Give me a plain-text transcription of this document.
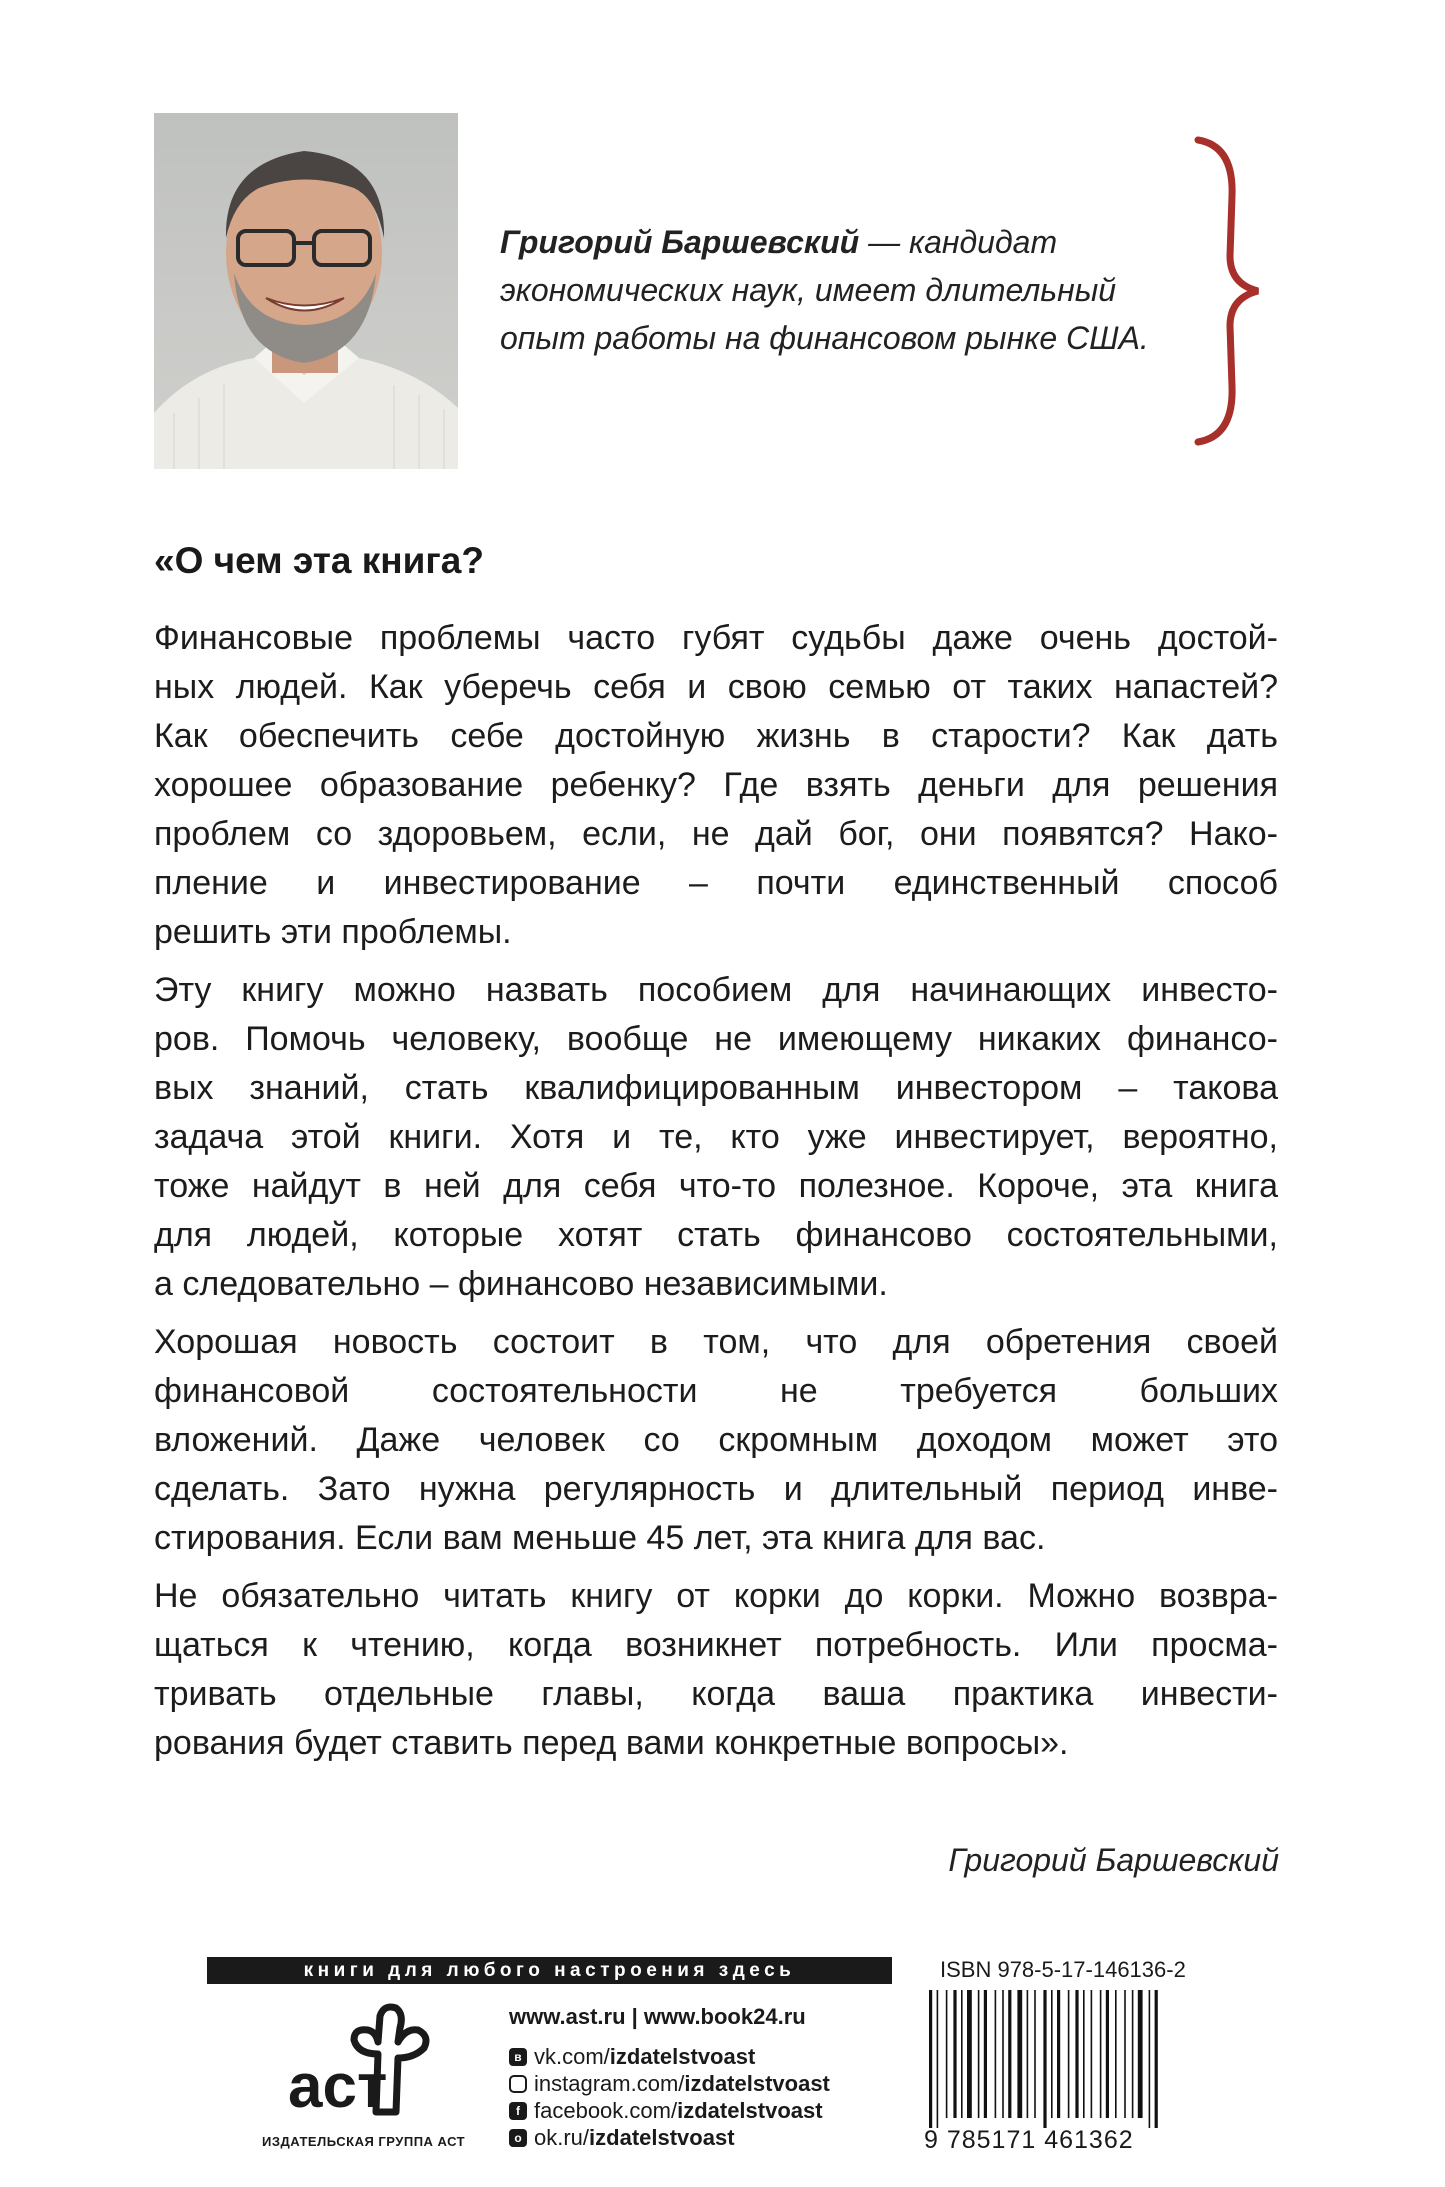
Григорий Баршевский — кандидат
экономических наук, имеет длительный
опыт работы на финансовом рынке США.
«О чем эта книга?
Финансовые проблемы часто губят судьбы даже очень достой-
ных людей. Как уберечь себя и свою семью от таких напастей?
Как обеспечить себе достойную жизнь в старости? Как дать
хорошее образование ребенку? Где взять деньги для решения
проблем со здоровьем, если, не дай бог, они появятся? Нако-
пление и инвестирование – почти единственный способ
решить эти проблемы.
Эту книгу можно назвать пособием для начинающих инвесто-
ров. Помочь человеку, вообще не имеющему никаких финансо-
вых знаний, стать квалифицированным инвестором – такова
задача этой книги. Хотя и те, кто уже инвестирует, вероятно,
тоже найдут в ней для себя что-то полезное. Короче, эта книга
для людей, которые хотят стать финансово состоятельными,
а следовательно – финансово независимыми.
Хорошая новость состоит в том, что для обретения своей
финансовой состоятельности не требуется больших
вложений. Даже человек со скромным доходом может это
сделать. Зато нужна регулярность и длительный период инве-
стирования. Если вам меньше 45 лет, эта книга для вас.
Не обязательно читать книгу от корки до корки. Можно возвра-
щаться к чтению, когда возникнет потребность. Или просма-
тривать отдельные главы, когда ваша практика инвести-
рования будет ставить перед вами конкретные вопросы».
Григорий Баршевский
книги для любого настроения здесь
аст
ИЗДАТЕЛЬСКАЯ ГРУППА АСТ
www.ast.ru | www.book24.ru
в vk.com/izdatelstvoast
instagram.com/izdatelstvoast
f facebook.com/izdatelstvoast
о ok.ru/izdatelstvoast
ISBN 978-5-17-146136-2
9 785171 461362
